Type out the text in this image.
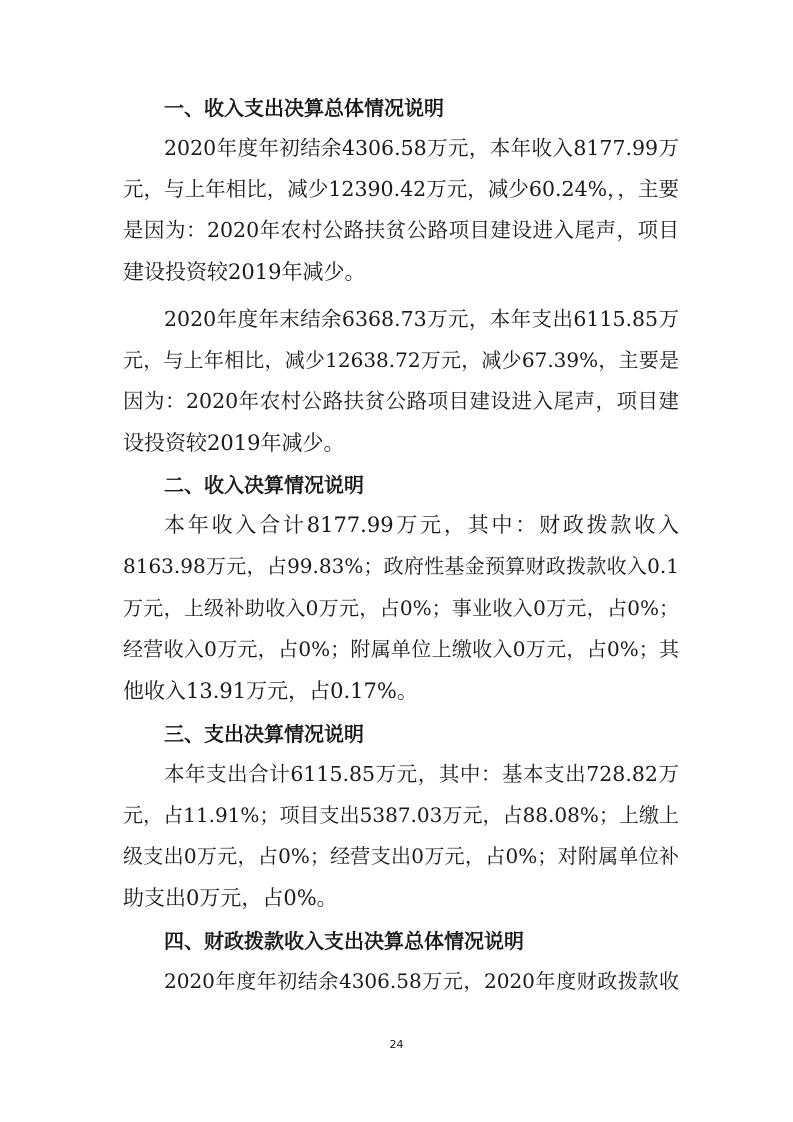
一、收入支出决算总体情况说明
2020年度年初结余4306.58万元，本年收入8177.99万
元，与上年相比，减少12390.42万元，减少60.24%，，主要
是因为：2020年农村公路扶贫公路项目建设进入尾声，项目
建设投资较2019年减少。
2020年度年末结余6368.73万元，本年支出6115.85万
元，与上年相比，减少12638.72万元，减少67.39%，主要是
因为：2020年农村公路扶贫公路项目建设进入尾声，项目建
设投资较2019年减少。
二、收入决算情况说明
本年收入合计8177.99万元，其中：财政拨款收入
8163.98万元，占99.83%；政府性基金预算财政拨款收入0.1
万元，上级补助收入0万元，占0%；事业收入0万元，占0%；
经营收入0万元，占0%；附属单位上缴收入0万元，占0%；其
他收入13.91万元，占0.17%。
三、支出决算情况说明
本年支出合计6115.85万元，其中：基本支出728.82万
元，占11.91%；项目支出5387.03万元，占88.08%；上缴上
级支出0万元，占0%；经营支出0万元，占0%；对附属单位补
助支出0万元，占0%。
四、财政拨款收入支出决算总体情况说明
2020年度年初结余4306.58万元，2020年度财政拨款收
24
